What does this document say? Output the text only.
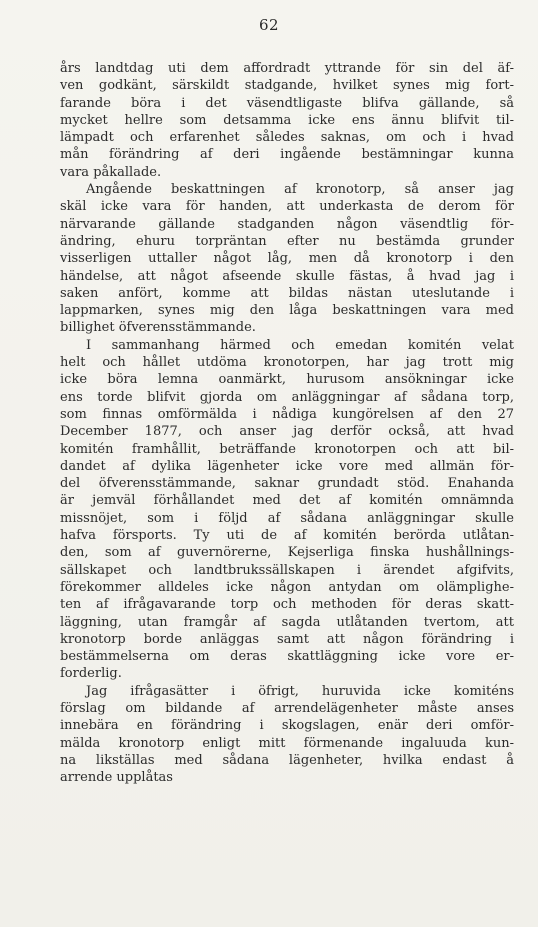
62
års landtdag uti dem affordradt yttrande för sin del äf-
ven godkänt, särskildt stadgande, hvilket synes mig fort-
farande böra i det väsendtligaste blifva gällande, så
mycket hellre som detsamma icke ens ännu blifvit til-
lämpadt och erfarenhet således saknas, om och i hvad
mån förändring af deri ingående bestämningar kunna
vara påkallade.
Angående beskattningen af kronotorp, så anser jag
skäl icke vara för handen, att underkasta de derom för
närvarande gällande stadganden någon väsendtlig för-
ändring, ehuru torpräntan efter nu bestämda grunder
visserligen uttaller något låg, men då kronotorp i den
händelse, att något afseende skulle fästas, å hvad jag i
saken anfört, komme att bildas nästan uteslutande i
lappmarken, synes mig den låga beskattningen vara med
billighet öfverensstämmande.
I sammanhang härmed och emedan komitén velat
helt och hållet utdöma kronotorpen, har jag trott mig
icke böra lemna oanmärkt, hurusom ansökningar icke
ens torde blifvit gjorda om anläggningar af sådana torp,
som finnas omförmälda i nådiga kungörelsen af den 27
December 1877, och anser jag derför också, att hvad
komitén framhållit, beträffande kronotorpen och att bil-
dandet af dylika lägenheter icke vore med allmän för-
del öfverensstämmande, saknar grundadt stöd. Enahanda
är jemväl förhållandet med det af komitén omnämnda
missnöjet, som i följd af sådana anläggningar skulle
hafva försports. Ty uti de af komitén berörda utlåtan-
den, som af guvernörerne, Kejserliga finska hushållnings-
sällskapet och landtbrukssällskapen i ärendet afgifvits,
förekommer alldeles icke någon antydan om olämplighe-
ten af ifrågavarande torp och methoden för deras skatt-
läggning, utan framgår af sagda utlåtanden tvertom, att
kronotorp borde anläggas samt att någon förändring i
bestämmelserna om deras skattläggning icke vore er-
forderlig.
Jag ifrågasätter i öfrigt, huruvida icke komiténs
förslag om bildande af arrendelägenheter måste anses
innebära en förändring i skogslagen, enär deri omför-
mälda kronotorp enligt mitt förmenande ingaluuda kun-
na likställas med sådana lägenheter, hvilka endast å
arrende upplåtas
